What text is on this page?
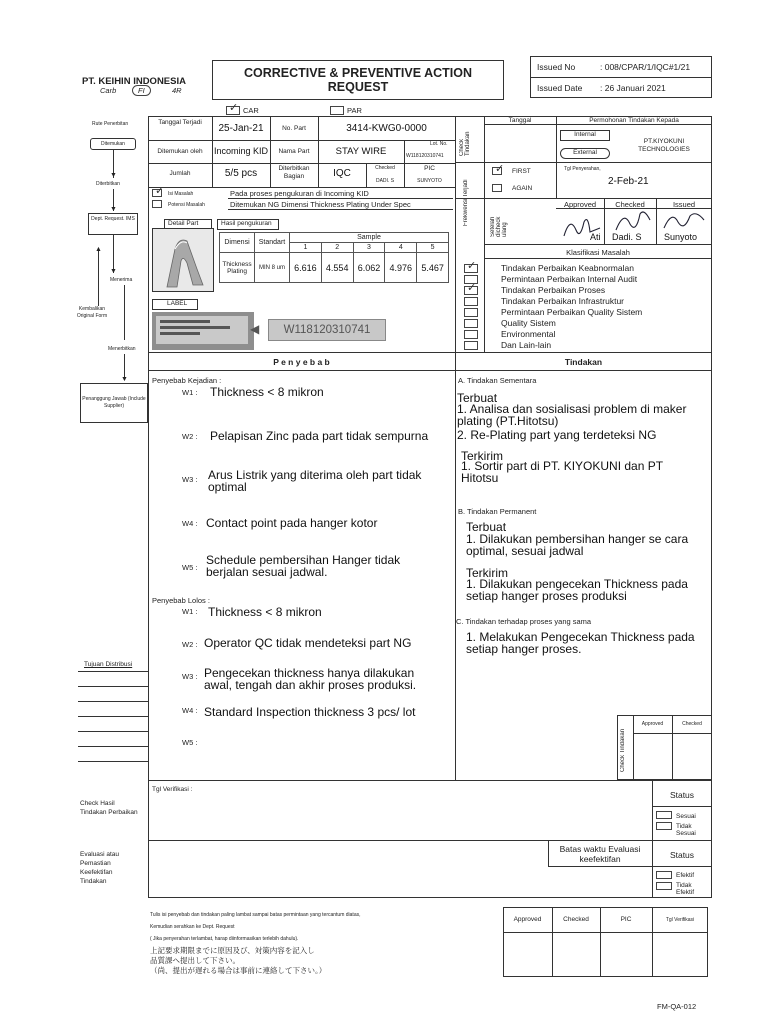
PT. KEIHIN INDONESIA
Carb	FI	4R
CORRECTIVE & PREVENTIVE ACTION
REQUEST
Issued No	: 008/CPAR/1/IQC#1/21
Issued Date : 26 Januari 2021
✓
CAR	PAR
Rute Penerbitan
Ditemukan
▼
Diterbitkan
▼
Dept. Request. IMS
▼
Menerima
Kembalikan Original Form
▲
Menerbitkan
▼
Penanggung Jawab (Include Supplier)
Tujuan Distribusi
Tanggal Terjadi
25-Jan-21	No. Part	3414-KWG0-0000
Ditemukan oleh	Incoming KID	Nama Part	STAY WIRE
Lot. No.
W118120310741
Jumlah	5/5 pcs	Diterbitkan Bagian	IQC	Checked
DADI. S
PIC
SUNYOTO
✓
Isi Masalah	Pada proses pengukuran di Incoming KID
Potensi Masalah	Ditemukan NG Dimensi Thickness Plating Under Spec
Detail Part	Hasil pengukuran
Dimensi	Standart	Sample				
		1	2	3	4	5
Thickness Plating	MIN 8 um	6.616	4.554	6.062	4.976	5.467
LABEL
W118120310741
◀
Check Tindakan
Tanggal	Permohonan Tindakan Kepada
Internal
External
PT.KIYOKUNI TECHNOLOGIES
Frekwensi Terjadi
✓
FIRST
AGAIN
Tgl Penyerahan,
2-Feb-21
Setelah dicheck ulang
Approved	Checked	Issued
Ati Dadi. S Sunyoto
Klasifikasi Masalah
✓
✓
Tindakan Perbaikan Keabnormalan
Permintaan Perbaikan Internal Audit
Tindakan Perbaikan Proses
Tindakan Perbaikan Infrastruktur
Permintaan Perbaikan Quality Sistem
Quality Sistem
Environmental
Dan Lain-lain
P e n y e b a b	Tindakan
Penyebab Kejadian :
W1 : Thickness < 8 mikron
W2 : Pelapisan Zinc pada part tidak sempurna
W3 : Arus Listrik yang diterima oleh part tidak optimal
W4 : Contact point pada hanger kotor
W5 :
Schedule pembersihan Hanger tidak berjalan sesuai jadwal.
Penyebab Lolos :
W1 : Thickness < 8 mikron
W2 : Operator QC tidak mendeteksi part NG
W3 : Pengecekan thickness hanya dilakukan awal, tengah dan akhir proses produksi.
W4 : Standard Inspection thickness 3 pcs/ lot
W5 :
A. Tindakan Sementara
Terbuat
1. Analisa dan sosialisasi problem di maker plating (PT.Hitotsu)
2. Re-Plating part yang terdeteksi NG
Terkirim
1. Sortir part di PT. KIYOKUNI dan PT Hitotsu
B. Tindakan Permanent
Terbuat
1. Dilakukan pembersihan hanger se cara optimal, sesuai jadwal
Terkirim
1. Dilakukan pengecekan Thickness pada setiap hanger proses produksi
C. Tindakan terhadap proses yang sama
1. Melakukan Pengecekan Thickness pada setiap hanger proses.
Check Tindakan
Approved	Checked
Check Hasil Tindakan Perbaikan
Tgl Verifikasi :
Status
Sesuai
Tidak Sesuai
Evaluasi atau Pemastian Keefektifan Tindakan
Batas waktu Evaluasi keefektifan	Status
Efektif
Tidak Efektif
Tulis isi penyebab dan tindakan paling lambat sampai batas permintaan yang tercantum diatas,
Kemudian serahkan ke Dept. Request
( Jika penyerahan terlambat, harap diinformasikan terlebih dahulu).
上記要求期限までに原因及び、対策内容を記入し
品質課へ提出して下さい。
（尚、提出が遅れる場合は事前に連絡して下さい。）
Approved	Checked	PIC	Tgl Verifikasi
FM-QA-012
